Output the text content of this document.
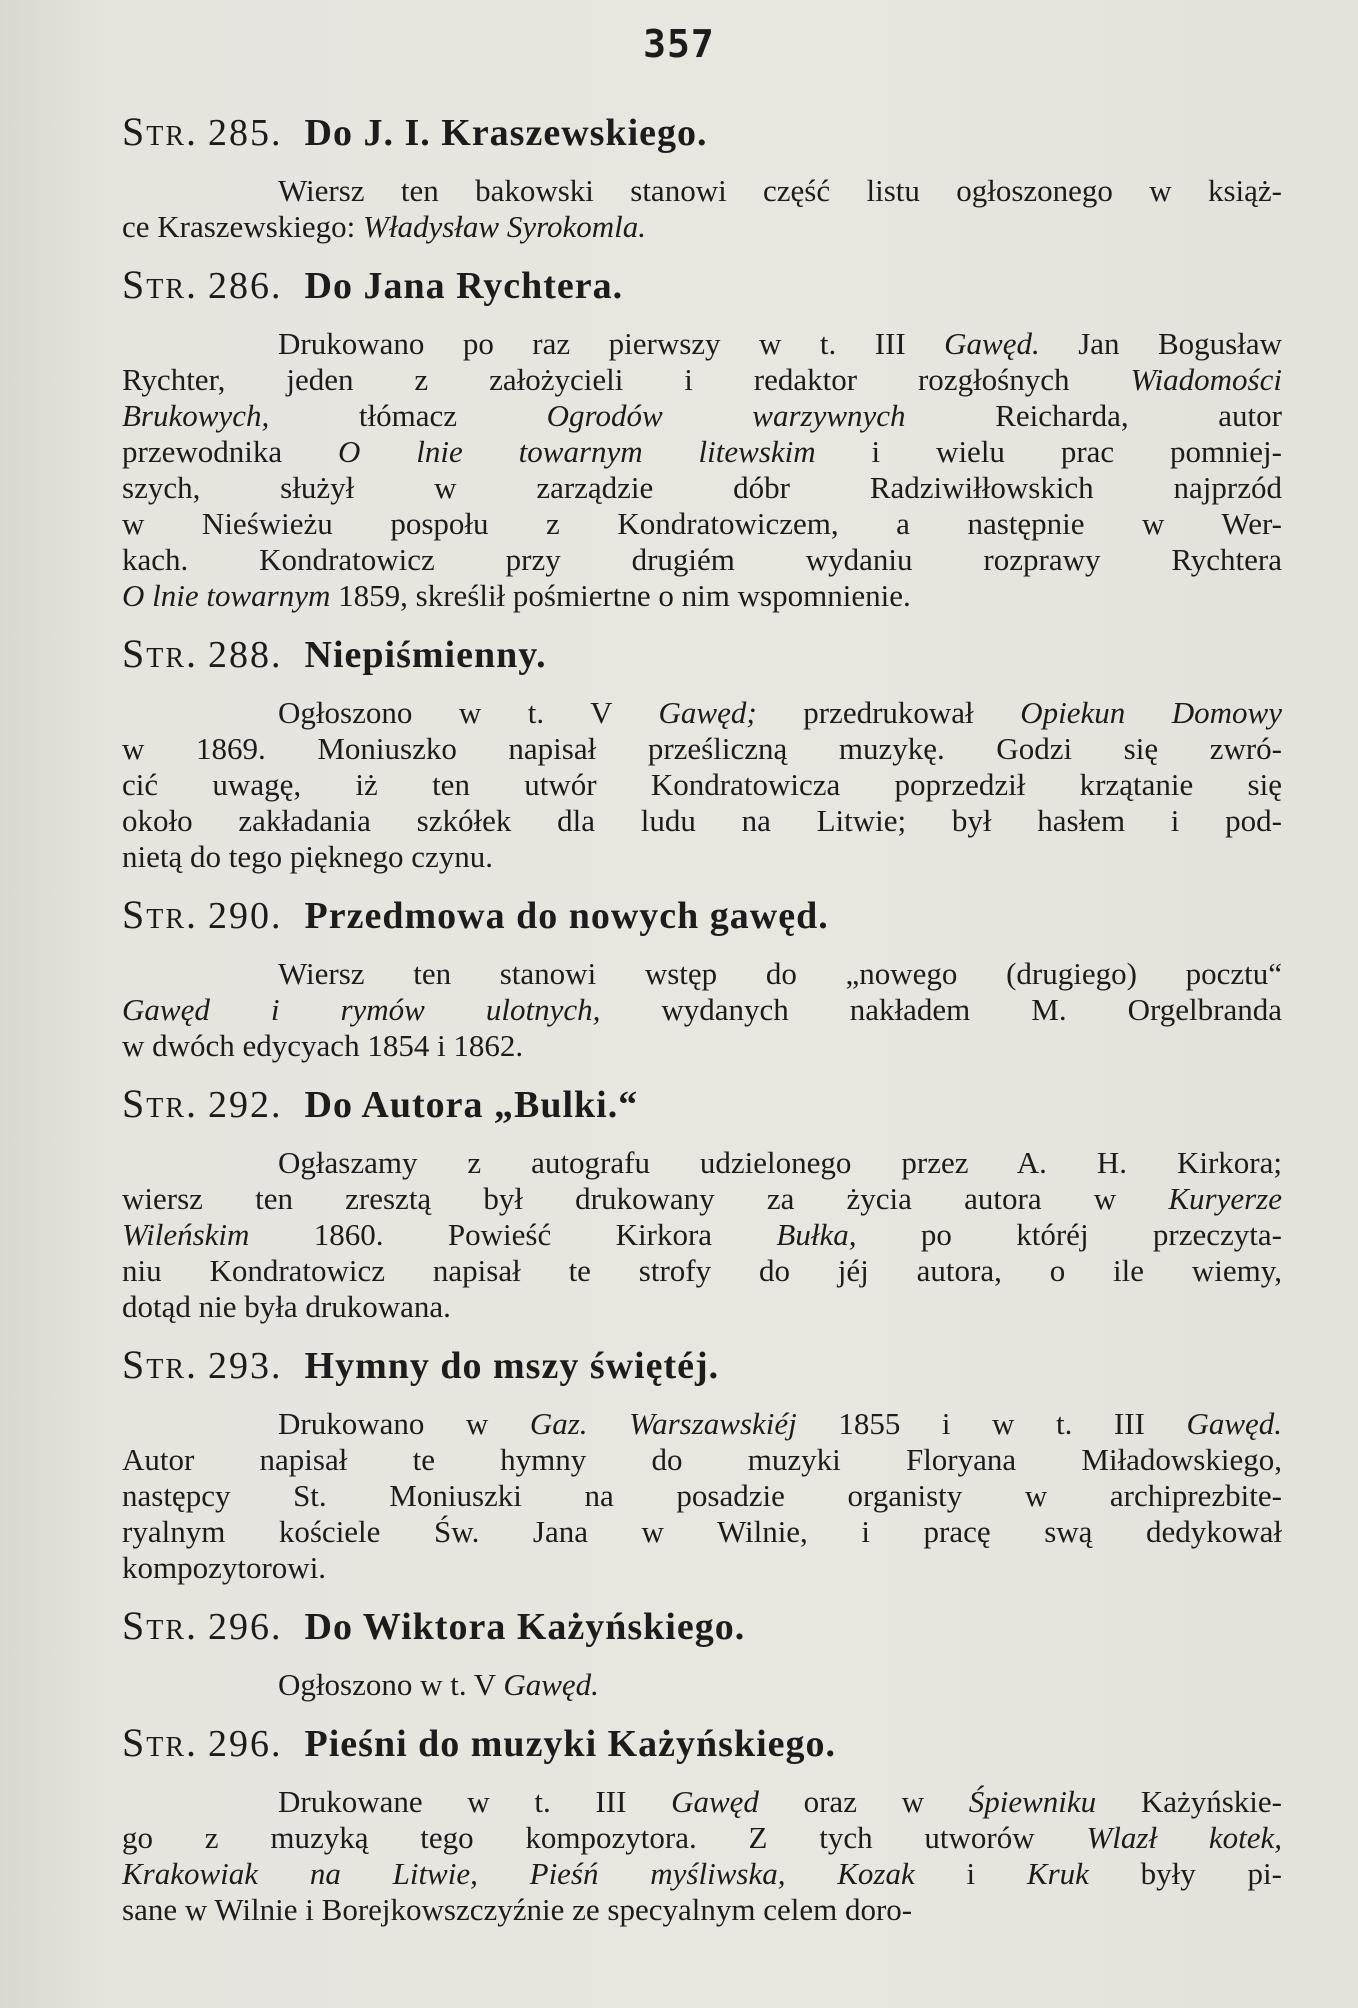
357
Str. 285. Do J. I. Kraszewskiego.
Wiersz ten bakowski stanowi część listu ogłoszonego w książ-
ce Kraszewskiego: Władysław Syrokomla.
Str. 286. Do Jana Rychtera.
Drukowano po raz pierwszy w t. III Gawęd. Jan Bogusław
Rychter, jeden z założycieli i redaktor rozgłośnych Wiadomości
Brukowych, tłómacz Ogrodów warzywnych Reicharda, autor
przewodnika O lnie towarnym litewskim i wielu prac pomniej-
szych, służył w zarządzie dóbr Radziwiłłowskich najprzód
w Nieświeżu pospołu z Kondratowiczem, a następnie w Wer-
kach. Kondratowicz przy drugiém wydaniu rozprawy Rychtera
O lnie towarnym 1859, skreślił pośmiertne o nim wspomnienie.
Str. 288. Niepiśmienny.
Ogłoszono w t. V Gawęd; przedrukował Opiekun Domowy
w 1869. Moniuszko napisał prześliczną muzykę. Godzi się zwró-
cić uwagę, iż ten utwór Kondratowicza poprzedził krzątanie się
około zakładania szkółek dla ludu na Litwie; był hasłem i pod-
nietą do tego pięknego czynu.
Str. 290. Przedmowa do nowych gawęd.
Wiersz ten stanowi wstęp do „nowego (drugiego) pocztu“
Gawęd i rymów ulotnych, wydanych nakładem M. Orgelbranda
w dwóch edycyach 1854 i 1862.
Str. 292. Do Autora „Bulki.“
Ogłaszamy z autografu udzielonego przez A. H. Kirkora;
wiersz ten zresztą był drukowany za życia autora w Kuryerze
Wileńskim 1860. Powieść Kirkora Bułka, po któréj przeczyta-
niu Kondratowicz napisał te strofy do jéj autora, o ile wiemy,
dotąd nie była drukowana.
Str. 293. Hymny do mszy świętéj.
Drukowano w Gaz. Warszawskiéj 1855 i w t. III Gawęd.
Autor napisał te hymny do muzyki Floryana Miładowskiego,
następcy St. Moniuszki na posadzie organisty w archiprezbite-
ryalnym kościele Św. Jana w Wilnie, i pracę swą dedykował
kompozytorowi.
Str. 296. Do Wiktora Każyńskiego.
Ogłoszono w t. V Gawęd.
Str. 296. Pieśni do muzyki Każyńskiego.
Drukowane w t. III Gawęd oraz w Śpiewniku Każyńskie-
go z muzyką tego kompozytora. Z tych utworów Wlazł kotek,
Krakowiak na Litwie, Pieśń myśliwska, Kozak i Kruk były pi-
sane w Wilnie i Borejkowszczyźnie ze specyalnym celem doro-
